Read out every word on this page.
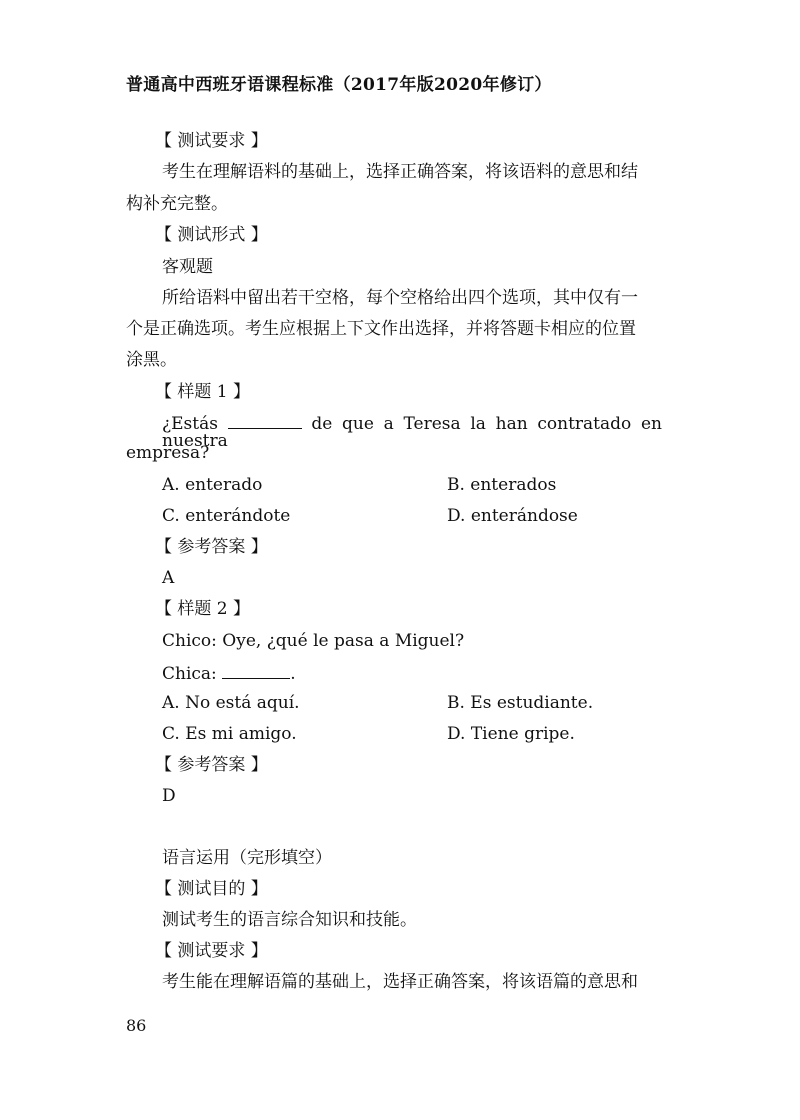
普通高中西班牙语课程标准（2017年版2020年修订）
【 测试要求 】
考生在理解语料的基础上，选择正确答案，将该语料的意思和结
构补充完整。
【 测试形式 】
客观题
所给语料中留出若干空格，每个空格给出四个选项，其中仅有一
个是正确选项。考生应根据上下文作出选择，并将答题卡相应的位置
涂黑。
【 样题 1 】
¿Estás	de que a Teresa la han contratado en nuestra
empresa?
A. enterado	B. enterados
C. enterándote	D. enterándose
【 参考答案 】
A
【 样题 2 】
Chico: Oye, ¿qué le pasa a Miguel?
Chica:	.
A. No está aquí.	B. Es estudiante.
C. Es mi amigo.	D. Tiene gripe.
【 参考答案 】
D
语言运用（完形填空）
【 测试目的 】
测试考生的语言综合知识和技能。
【 测试要求 】
考生能在理解语篇的基础上，选择正确答案，将该语篇的意思和
86
